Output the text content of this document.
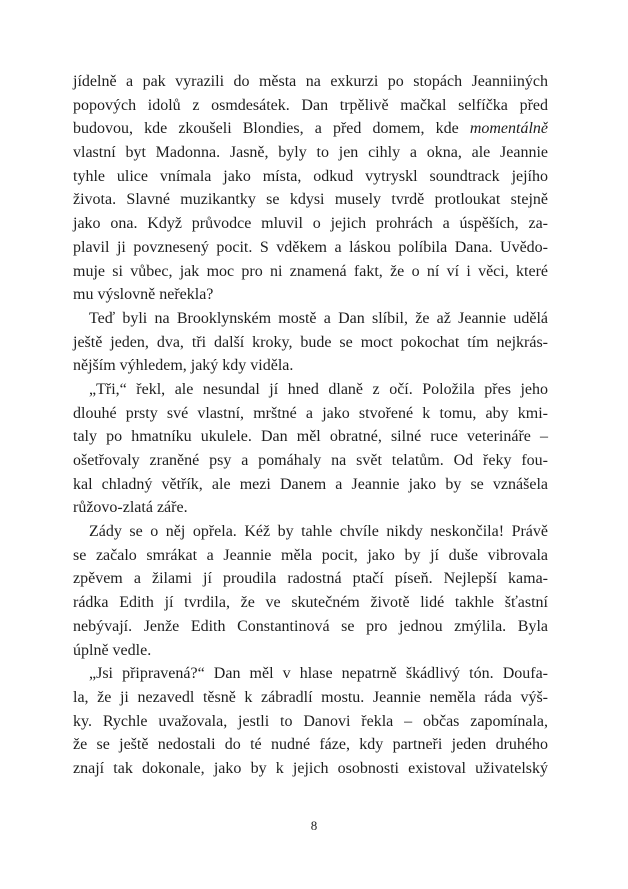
jídelně a pak vyrazili do města na exkurzi po stopách Jeanniiných
popových idolů z osmdesátek. Dan trpělivě mačkal selfíčka před
budovou, kde zkoušeli Blondies, a před domem, kde momentálně
vlastní byt Madonna. Jasně, byly to jen cihly a okna, ale Jeannie
tyhle ulice vnímala jako místa, odkud vytryskl soundtrack jejího
života. Slavné muzikantky se kdysi musely tvrdě protloukat stejně
jako ona. Když průvodce mluvil o jejich prohrách a úspěších, za-
plavil ji povznesený pocit. S vděkem a láskou políbila Dana. Uvědo-
muje si vůbec, jak moc pro ni znamená fakt, že o ní ví i věci, které
mu výslovně neřekla?
Teď byli na Brooklynském mostě a Dan slíbil, že až Jeannie udělá
ještě jeden, dva, tři další kroky, bude se moct pokochat tím nejkrás-
nějším výhledem, jaký kdy viděla.
„Tři,“ řekl, ale nesundal jí hned dlaně z očí. Položila přes jeho
dlouhé prsty své vlastní, mrštné a jako stvořené k tomu, aby kmi-
taly po hmatníku ukulele. Dan měl obratné, silné ruce veterináře –
ošetřovaly zraněné psy a pomáhaly na svět telatům. Od řeky fou-
kal chladný větřík, ale mezi Danem a Jeannie jako by se vznášela
růžovo-zlatá záře.
Zády se o něj opřela. Kéž by tahle chvíle nikdy neskončila! Právě
se začalo smrákat a Jeannie měla pocit, jako by jí duše vibrovala
zpěvem a žilami jí proudila radostná ptačí píseň. Nejlepší kama-
rádka Edith jí tvrdila, že ve skutečném životě lidé takhle šťastní
nebývají. Jenže Edith Constantinová se pro jednou zmýlila. Byla
úplně vedle.
„Jsi připravená?“ Dan měl v hlase nepatrně škádlivý tón. Doufa-
la, že ji nezavedl těsně k zábradlí mostu. Jeannie neměla ráda výš-
ky. Rychle uvažovala, jestli to Danovi řekla – občas zapomínala,
že se ještě nedostali do té nudné fáze, kdy partneři jeden druhého
znají tak dokonale, jako by k jejich osobnosti existoval uživatelský
8
